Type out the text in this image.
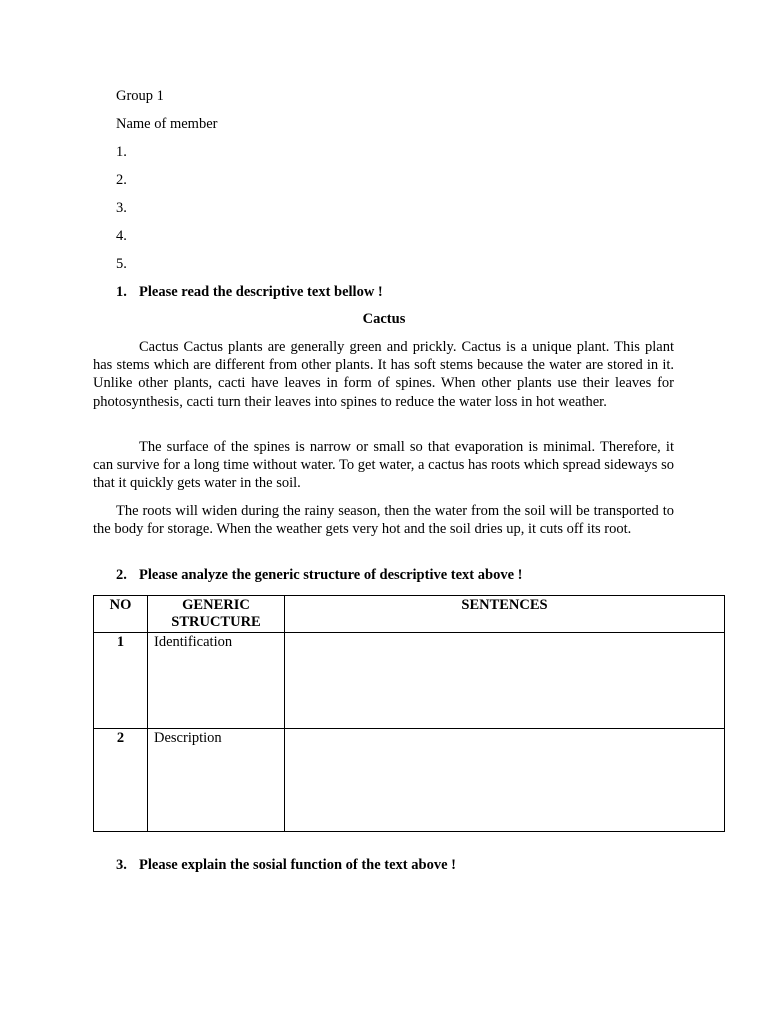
Group 1
Name of member
1.
2.
3.
4.
5.
1. Please read the descriptive text bellow !
Cactus
Cactus Cactus plants are generally green and prickly. Cactus is a unique plant. This plant has stems which are different from other plants. It has soft stems because the water are stored in it. Unlike other plants, cacti have leaves in form of spines. When other plants use their leaves for photosynthesis, cacti turn their leaves into spines to reduce the water loss in hot weather.
The surface of the spines is narrow or small so that evaporation is minimal. Therefore, it can survive for a long time without water. To get water, a cactus has roots which spread sideways so that it quickly gets water in the soil.
The roots will widen during the rainy season, then the water from the soil will be transported to the body for storage. When the weather gets very hot and the soil dries up, it cuts off its root.
2. Please analyze the generic structure of descriptive text above !
NO	GENERIC STRUCTURE	SENTENCES
1	Identification	
2	Description	
3. Please explain the sosial function of the text above !
